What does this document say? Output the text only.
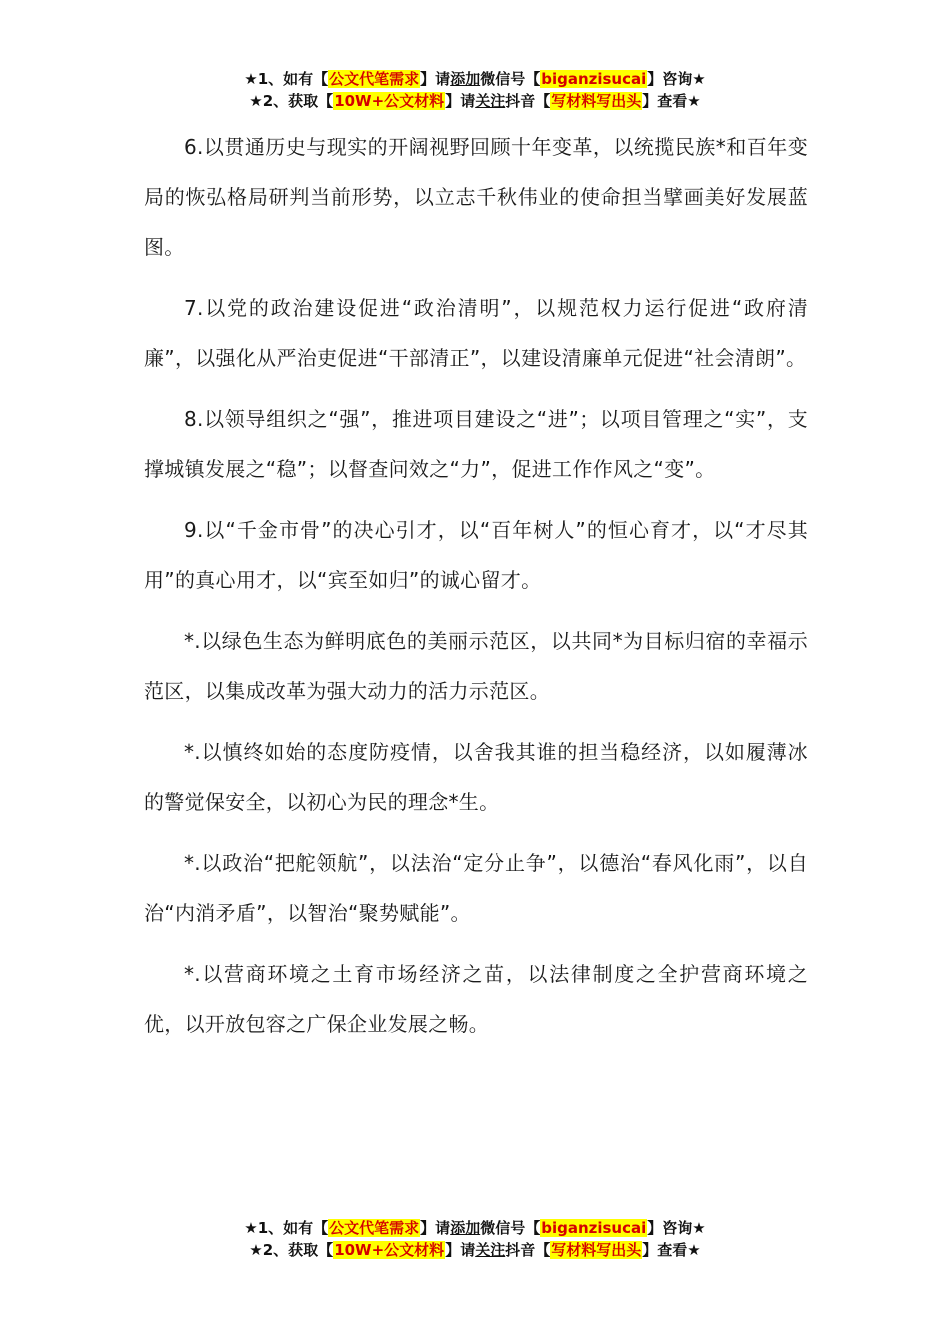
★1、如有【公文代笔需求】请添加微信号【biganzisucai】咨询★
★2、获取【10W+公文材料】请关注抖音【写材料写出头】查看★

6.以贯通历史与现实的开阔视野回顾十年变革，以统揽民族*和百年变局的恢弘格局研判当前形势，以立志千秋伟业的使命担当擘画美好发展蓝图。

7.以党的政治建设促进“政治清明”，以规范权力运行促进“政府清廉”，以强化从严治吏促进“干部清正”，以建设清廉单元促进“社会清朗”。

8.以领导组织之“强”，推进项目建设之“进”；以项目管理之“实”，支撑城镇发展之“稳”；以督查问效之“力”，促进工作作风之“变”。

9.以“千金市骨”的决心引才，以“百年树人”的恒心育才，以“才尽其用”的真心用才，以“宾至如归”的诚心留才。

*.以绿色生态为鲜明底色的美丽示范区，以共同*为目标归宿的幸福示范区，以集成改革为强大动力的活力示范区。

*.以慎终如始的态度防疫情，以舍我其谁的担当稳经济，以如履薄冰的警觉保安全，以初心为民的理念*生。

*.以政治“把舵领航”，以法治“定分止争”，以德治“春风化雨”，以自治“内消矛盾”，以智治“聚势赋能”。

*.以营商环境之土育市场经济之苗，以法律制度之全护营商环境之优，以开放包容之广保企业发展之畅。

★1、如有【公文代笔需求】请添加微信号【biganzisucai】咨询★
★2、获取【10W+公文材料】请关注抖音【写材料写出头】查看★
